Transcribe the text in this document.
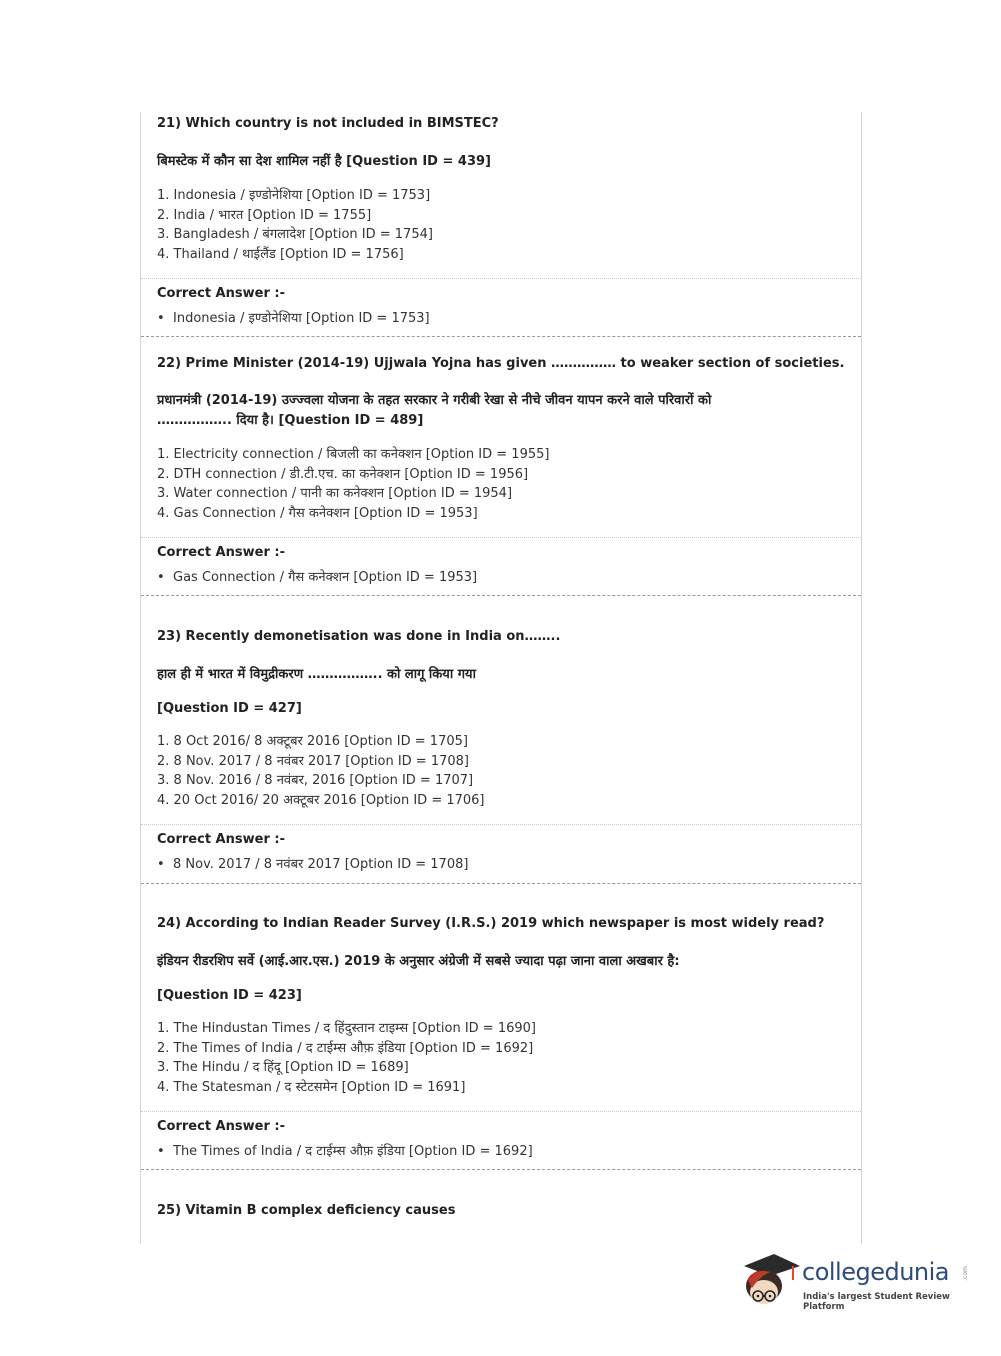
21) Which country is not included in BIMSTEC?

बिमस्टेक में कौन सा देश शामिल नहीं है [Question ID = 439]

1. Indonesia / इण्डोनेशिया [Option ID = 1753]
2. India / भारत [Option ID = 1755]
3. Bangladesh / बंगलादेश [Option ID = 1754]
4. Thailand / थाईलैंड [Option ID = 1756]

Correct Answer :-

• Indonesia / इण्डोनेशिया [Option ID = 1753]

22) Prime Minister (2014-19) Ujjwala Yojna has given …………… to weaker section of societies.

प्रधानमंत्री (2014-19) उज्ज्वला योजना के तहत सरकार ने गरीबी रेखा से नीचे जीवन यापन करने वाले परिवारों को

…………….. दिया है। [Question ID = 489]

1. Electricity connection / बिजली का कनेक्शन [Option ID = 1955]
2. DTH connection / डी.टी.एच. का कनेक्शन [Option ID = 1956]
3. Water connection / पानी का कनेक्शन [Option ID = 1954]
4. Gas Connection / गैस कनेक्शन [Option ID = 1953]

Correct Answer :-

• Gas Connection / गैस कनेक्शन [Option ID = 1953]

23) Recently demonetisation was done in India on……..

हाल ही में भारत में विमुद्रीकरण …………….. को लागू किया गया

[Question ID = 427]

1. 8 Oct 2016/ 8 अक्टूबर 2016 [Option ID = 1705]
2. 8 Nov. 2017 / 8 नवंबर 2017 [Option ID = 1708]
3. 8 Nov. 2016 / 8 नवंबर, 2016 [Option ID = 1707]
4. 20 Oct 2016/ 20 अक्टूबर 2016 [Option ID = 1706]

Correct Answer :-

• 8 Nov. 2017 / 8 नवंबर 2017 [Option ID = 1708]

24) According to Indian Reader Survey (I.R.S.) 2019 which newspaper is most widely read?

इंडियन रीडरशिप सर्वे (आई.आर.एस.) 2019 के अनुसार अंग्रेजी में सबसे ज्यादा पढ़ा जाना वाला अखबार है:

[Question ID = 423]

1. The Hindustan Times / द हिंदुस्तान टाइम्स [Option ID = 1690]
2. The Times of India / द टाईम्स औफ़ इंडिया [Option ID = 1692]
3. The Hindu / द हिंदू [Option ID = 1689]
4. The Statesman / द स्टेटसमेन [Option ID = 1691]

Correct Answer :-

• The Times of India / द टाईम्स औफ़ इंडिया [Option ID = 1692]

25) Vitamin B complex deficiency causes

collegedunia .com
India's largest Student Review Platform
